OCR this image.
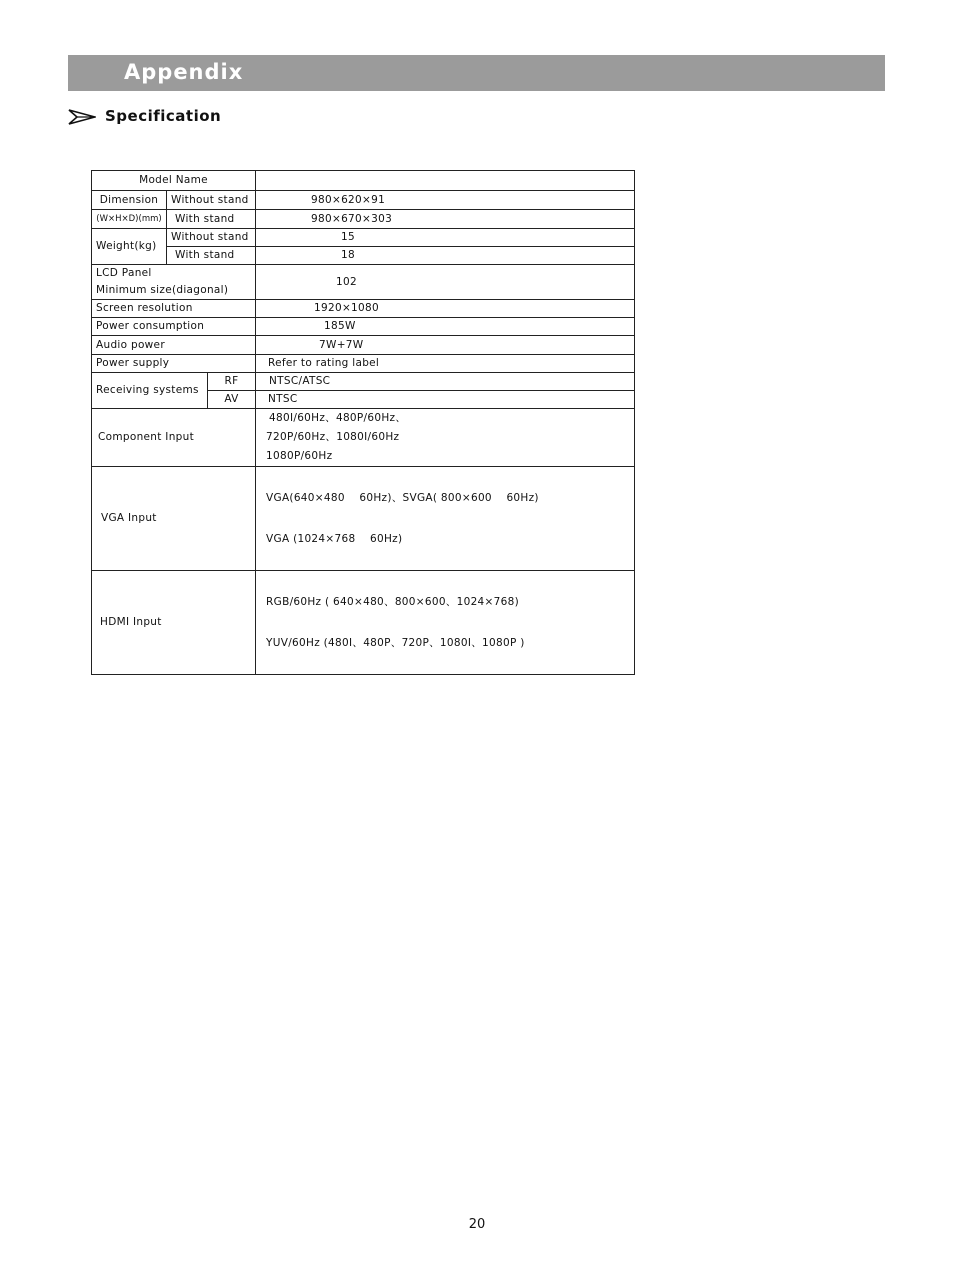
Appendix
Specification
Model Name			
Dimension	Without stand		980×620×91
(W×H×D)(mm)	With stand		980×670×303
Weight(kg)	Without stand		15
	With stand		18

LCD Panel
Minimum size(diagonal)			102
Screen resolution			1920×1080
Power consumption			185W
Audio power			7W+7W
Power supply			Refer to rating label
Receiving systems		RF	NTSC/ATSC
		AV	NTSC
Component Input			480I/60Hz、480P/60Hz、
720P/60Hz、1080I/60Hz
1080P/60Hz

VGA Input			VGA(640×480    60Hz)、SVGA( 800×600    60Hz)

VGA (1024×768    60Hz)

HDMI Input			RGB/60Hz ( 640×480、800×600、1024×768)

YUV/60Hz (480I、480P、720P、1080I、1080P )

20
